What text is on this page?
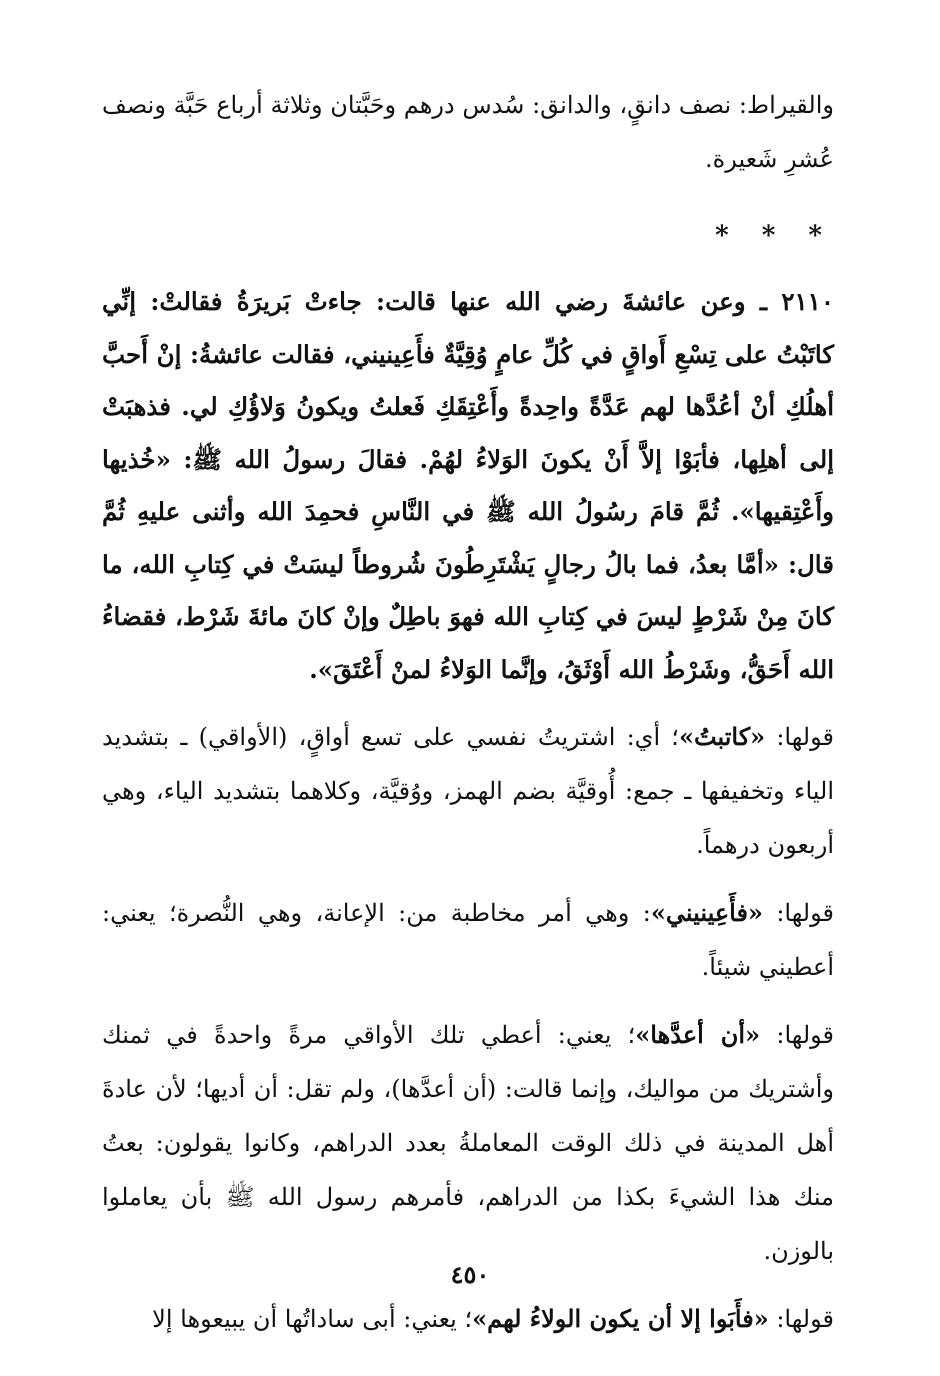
والقيراط: نصف دانقٍ، والدانق: سُدس درهم وحَبَّتان وثلاثة أرباع حَبَّة ونصف عُشرِ شَعيرة.

* * *

٢١١٠ ـ وعن عائشةَ رضي الله عنها قالت: جاءتْ بَريرَةُ فقالتْ: إنِّي كاتَبْتُ على تِسْعِ أَواقٍ في كُلِّ عامٍ وُقِيَّةٌ فأَعِينيني، فقالت عائشةُ: إنْ أَحبَّ أهلُكِ أنْ أعُدَّها لهم عَدَّةً واحِدةً وأَعْتِقَكِ فَعلتُ ويكونُ وَلاؤُكِ لي. فذهبَتْ إلى أهلِها، فأبَوْا إلاَّ أَنْ يكونَ الوَلاءُ لهُمْ. فقالَ رسولُ الله ﷺ: «خُذيها وأَعْتِقيها». ثُمَّ قامَ رسُولُ الله ﷺ في النَّاسِ فحمِدَ الله وأثنى عليهِ ثُمَّ قال: «أمَّا بعدُ، فما بالُ رجالٍ يَشْتَرِطُونَ شُروطاً ليسَتْ في كِتابِ الله، ما كانَ مِنْ شَرْطٍ ليسَ في كِتابِ الله فهوَ باطِلٌ وإنْ كانَ مائةَ شَرْط، فقضاءُ الله أَحَقُّ، وشَرْطُ الله أَوْثَقُ، وإنَّما الوَلاءُ لمنْ أَعْتَقَ».

قولها: «كاتبتُ»؛ أي: اشتريتُ نفسي على تسع أواقٍ، (الأواقي) ـ بتشديد الياء وتخفيفها ـ جمع: أُوقيَّة بضم الهمز، ووُقيَّة، وكلاهما بتشديد الياء، وهي أربعون درهماً.

قولها: «فأَعِينيني»: وهي أمر مخاطبة من: الإعانة، وهي النُّصرة؛ يعني: أعطيني شيئاً.

قولها: «أن أعدَّها»؛ يعني: أعطي تلك الأواقي مرةً واحدةً في ثمنك وأشتريك من مواليك، وإنما قالت: (أن أعدَّها)، ولم تقل: أن أديها؛ لأن عادةَ أهل المدينة في ذلك الوقت المعاملةُ بعدد الدراهم، وكانوا يقولون: بعتُ منك هذا الشيءَ بكذا من الدراهم، فأمرهم رسول الله ﷺ بأن يعاملوا بالوزن.

قولها: «فأَبَوا إلا أن يكون الولاءُ لهم»؛ يعني: أبى ساداتُها أن يبيعوها إلا

٤٥٠
